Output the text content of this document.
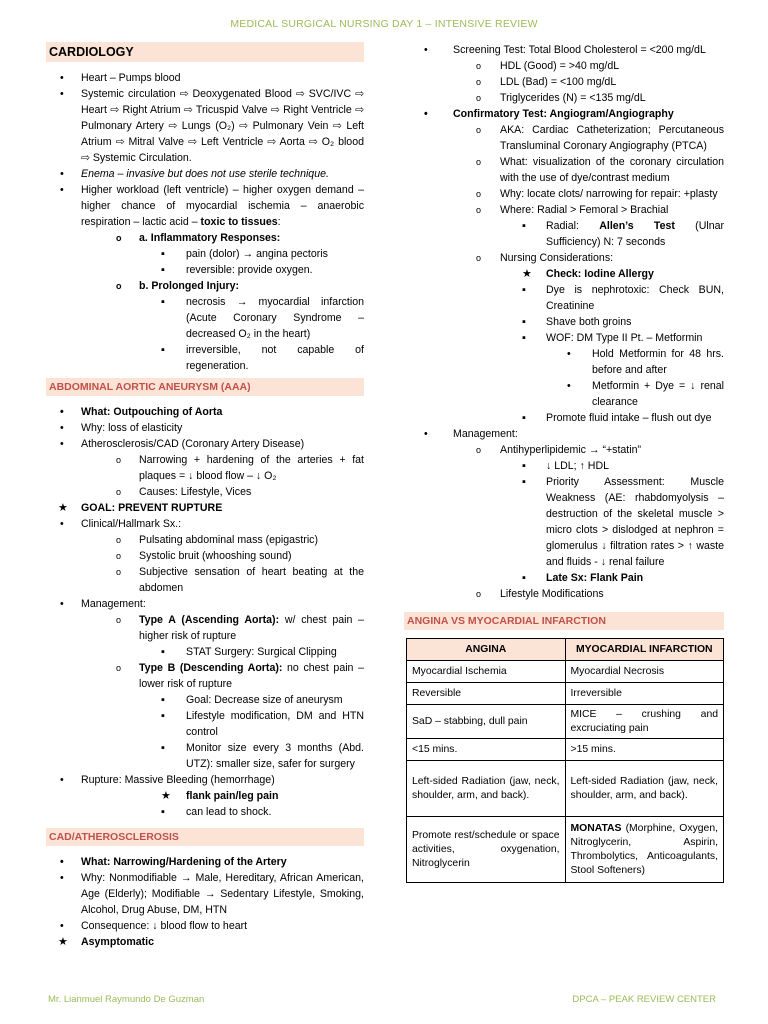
MEDICAL SURGICAL NURSING DAY 1 – INTENSIVE REVIEW
CARDIOLOGY
•
Heart – Pumps blood
•
Systemic circulation ⇨ Deoxygenated Blood ⇨ SVC/IVC ⇨ Heart ⇨ Right Atrium ⇨ Tricuspid Valve ⇨ Right Ventricle ⇨ Pulmonary Artery ⇨ Lungs (O₂) ⇨ Pulmonary Vein ⇨ Left Atrium ⇨ Mitral Valve ⇨ Left Ventricle ⇨ Aorta ⇨ O₂ blood ⇨ Systemic Circulation.
•
Enema – invasive but does not use sterile technique.
•
Higher workload (left ventricle) – higher oxygen demand – higher chance of myocardial ischemia – anaerobic respiration – lactic acid – toxic to tissues:
o
a. Inflammatory Responses:
▪
pain (dolor) → angina pectoris
▪
reversible: provide oxygen.
o
b. Prolonged Injury:
▪
necrosis → myocardial infarction (Acute Coronary Syndrome – decreased O₂ in the heart)
▪
irreversible, not capable of regeneration.
ABDOMINAL AORTIC ANEURYSM (AAA)
•
What: Outpouching of Aorta
•
Why: loss of elasticity
•
Atherosclerosis/CAD (Coronary Artery Disease)
o
Narrowing + hardening of the arteries + fat plaques = ↓ blood flow – ↓ O₂
o
Causes: Lifestyle, Vices
★
GOAL: PREVENT RUPTURE
•
Clinical/Hallmark Sx.:
o
Pulsating abdominal mass (epigastric)
o
Systolic bruit (whooshing sound)
o
Subjective sensation of heart beating at the abdomen
•
Management:
o
Type A (Ascending Aorta): w/ chest pain – higher risk of rupture
▪
STAT Surgery: Surgical Clipping
o
Type B (Descending Aorta): no chest pain – lower risk of rupture
▪
Goal: Decrease size of aneurysm
▪
Lifestyle modification, DM and HTN control
▪
Monitor size every 3 months (Abd. UTZ): smaller size, safer for surgery
•
Rupture: Massive Bleeding (hemorrhage)
★
flank pain/leg pain
▪
can lead to shock.
CAD/ATHEROSCLEROSIS
•
What: Narrowing/Hardening of the Artery
•
Why: Nonmodifiable → Male, Hereditary, African American, Age (Elderly); Modifiable → Sedentary Lifestyle, Smoking, Alcohol, Drug Abuse, DM, HTN
•
Consequence: ↓ blood flow to heart
★
Asymptomatic
•
Screening Test: Total Blood Cholesterol = <200 mg/dL
o
HDL (Good) = >40 mg/dL
o
LDL (Bad) = <100 mg/dL
o
Triglycerides (N) = <135 mg/dL
•
Confirmatory Test: Angiogram/Angiography
o
AKA: Cardiac Catheterization; Percutaneous Transluminal Coronary Angiography (PTCA)
o
What: visualization of the coronary circulation with the use of dye/contrast medium
o
Why: locate clots/ narrowing for repair: +plasty
o
Where: Radial > Femoral > Brachial
▪
Radial: Allen’s Test (Ulnar Sufficiency) N: 7 seconds
o
Nursing Considerations:
★
Check: Iodine Allergy
▪
Dye is nephrotoxic: Check BUN, Creatinine
▪
Shave both groins
▪
WOF: DM Type II Pt. – Metformin
•
Hold Metformin for 48 hrs. before and after
•
Metformin + Dye = ↓ renal clearance
▪
Promote fluid intake – flush out dye
•
Management:
o
Antihyperlipidemic → “+statin”
▪
↓ LDL; ↑ HDL
▪
Priority Assessment: Muscle Weakness (AE: rhabdomyolysis – destruction of the skeletal muscle > micro clots > dislodged at nephron = glomerulus ↓ filtration rates > ↑ waste and fluids - ↓ renal failure
▪
Late Sx: Flank Pain
o
Lifestyle Modifications
ANGINA VS MYOCARDIAL INFARCTION
ANGINA	MYOCARDIAL INFARCTION
Myocardial Ischemia	Myocardial Necrosis
Reversible	Irreversible
SaD – stabbing, dull pain	MICE – crushing and excruciating pain
<15 mins.	>15 mins.
Left-sided Radiation (jaw, neck, shoulder, arm, and back).	Left-sided Radiation (jaw, neck, shoulder, arm, and back).
Promote rest/schedule or space activities, oxygenation, Nitroglycerin	MONATAS (Morphine, Oxygen, Nitroglycerin, Aspirin, Thrombolytics, Anticoagulants, Stool Softeners)
Mr. Lianmuel Raymundo De Guzman	DPCA – PEAK REVIEW CENTER
